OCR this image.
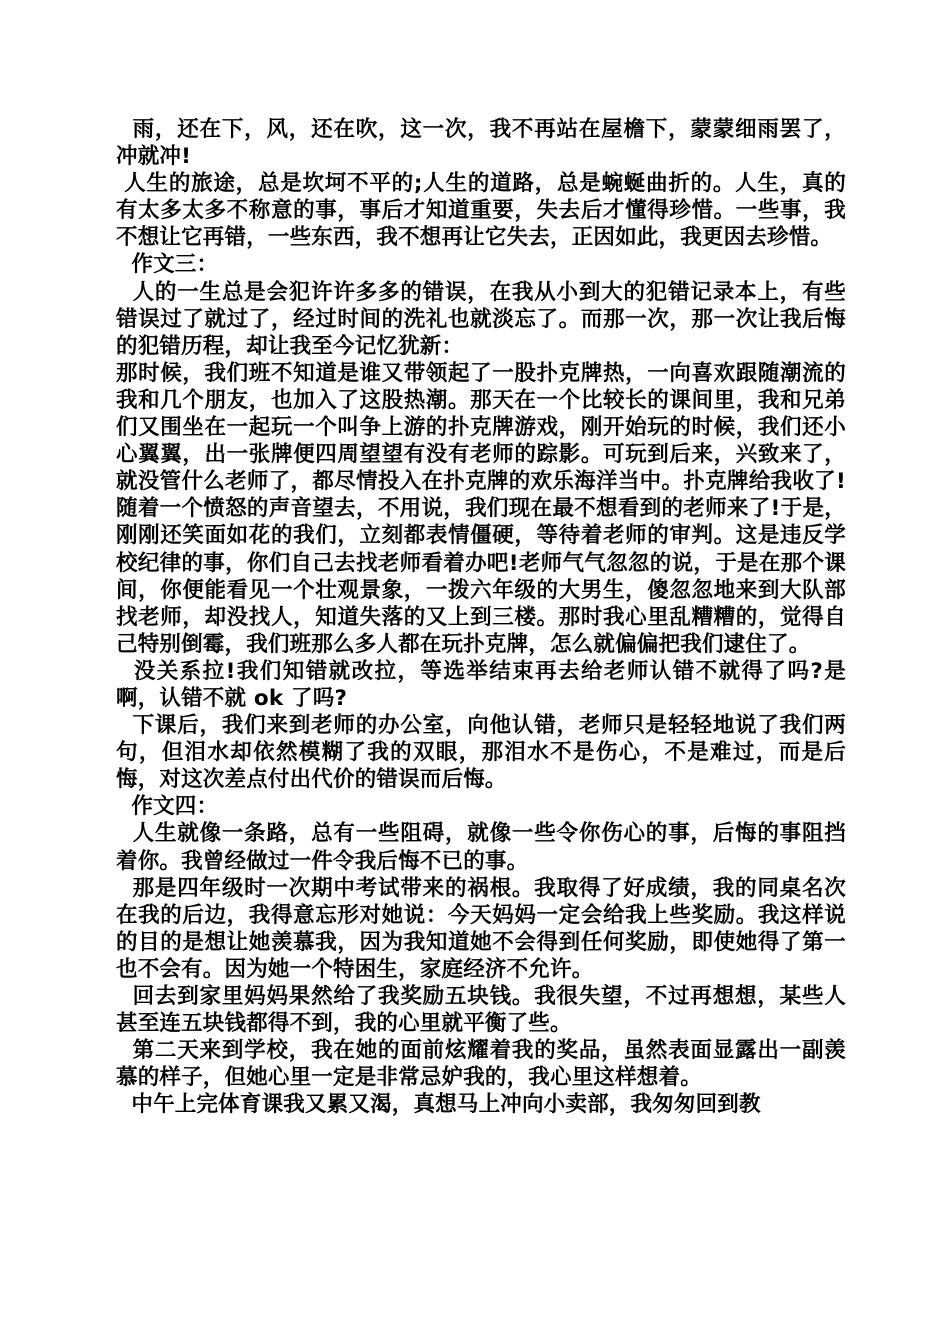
雨，还在下，风，还在吹，这一次，我不再站在屋檐下，蒙蒙细雨罢了，冲就冲!

人生的旅途，总是坎坷不平的;人生的道路，总是蜿蜒曲折的。人生，真的有太多太多不称意的事，事后才知道重要，失去后才懂得珍惜。一些事，我不想让它再错，一些东西，我不想再让它失去，正因如此，我更因去珍惜。

作文三：

人的一生总是会犯许许多多的错误，在我从小到大的犯错记录本上，有些错误过了就过了，经过时间的洗礼也就淡忘了。而那一次，那一次让我后悔的犯错历程，却让我至今记忆犹新：

那时候，我们班不知道是谁又带领起了一股扑克牌热，一向喜欢跟随潮流的我和几个朋友，也加入了这股热潮。那天在一个比较长的课间里，我和兄弟们又围坐在一起玩一个叫争上游的扑克牌游戏，刚开始玩的时候，我们还小心翼翼，出一张牌便四周望望有没有老师的踪影。可玩到后来，兴致来了，就没管什么老师了，都尽情投入在扑克牌的欢乐海洋当中。扑克牌给我收了!随着一个愤怒的声音望去，不用说，我们现在最不想看到的老师来了!于是，刚刚还笑面如花的我们，立刻都表情僵硬，等待着老师的审判。这是违反学校纪律的事，你们自己去找老师看着办吧!老师气气忽忽的说，于是在那个课间，你便能看见一个壮观景象，一拨六年级的大男生，傻忽忽地来到大队部找老师，却没找人，知道失落的又上到三楼。那时我心里乱糟糟的，觉得自己特别倒霉，我们班那么多人都在玩扑克牌，怎么就偏偏把我们逮住了。

没关系拉!我们知错就改拉，等选举结束再去给老师认错不就得了吗?是啊，认错不就 ok 了吗?

下课后，我们来到老师的办公室，向他认错，老师只是轻轻地说了我们两句，但泪水却依然模糊了我的双眼，那泪水不是伤心，不是难过，而是后悔，对这次差点付出代价的错误而后悔。

作文四：

人生就像一条路，总有一些阻碍，就像一些令你伤心的事，后悔的事阻挡着你。我曾经做过一件令我后悔不已的事。

那是四年级时一次期中考试带来的祸根。我取得了好成绩，我的同桌名次在我的后边，我得意忘形对她说：今天妈妈一定会给我上些奖励。我这样说的目的是想让她羡慕我，因为我知道她不会得到任何奖励，即使她得了第一也不会有。因为她一个特困生，家庭经济不允许。

回去到家里妈妈果然给了我奖励五块钱。我很失望，不过再想想，某些人甚至连五块钱都得不到，我的心里就平衡了些。

第二天来到学校，我在她的面前炫耀着我的奖品，虽然表面显露出一副羡慕的样子，但她心里一定是非常忌妒我的，我心里这样想着。

中午上完体育课我又累又渴，真想马上冲向小卖部，我匆匆回到教
